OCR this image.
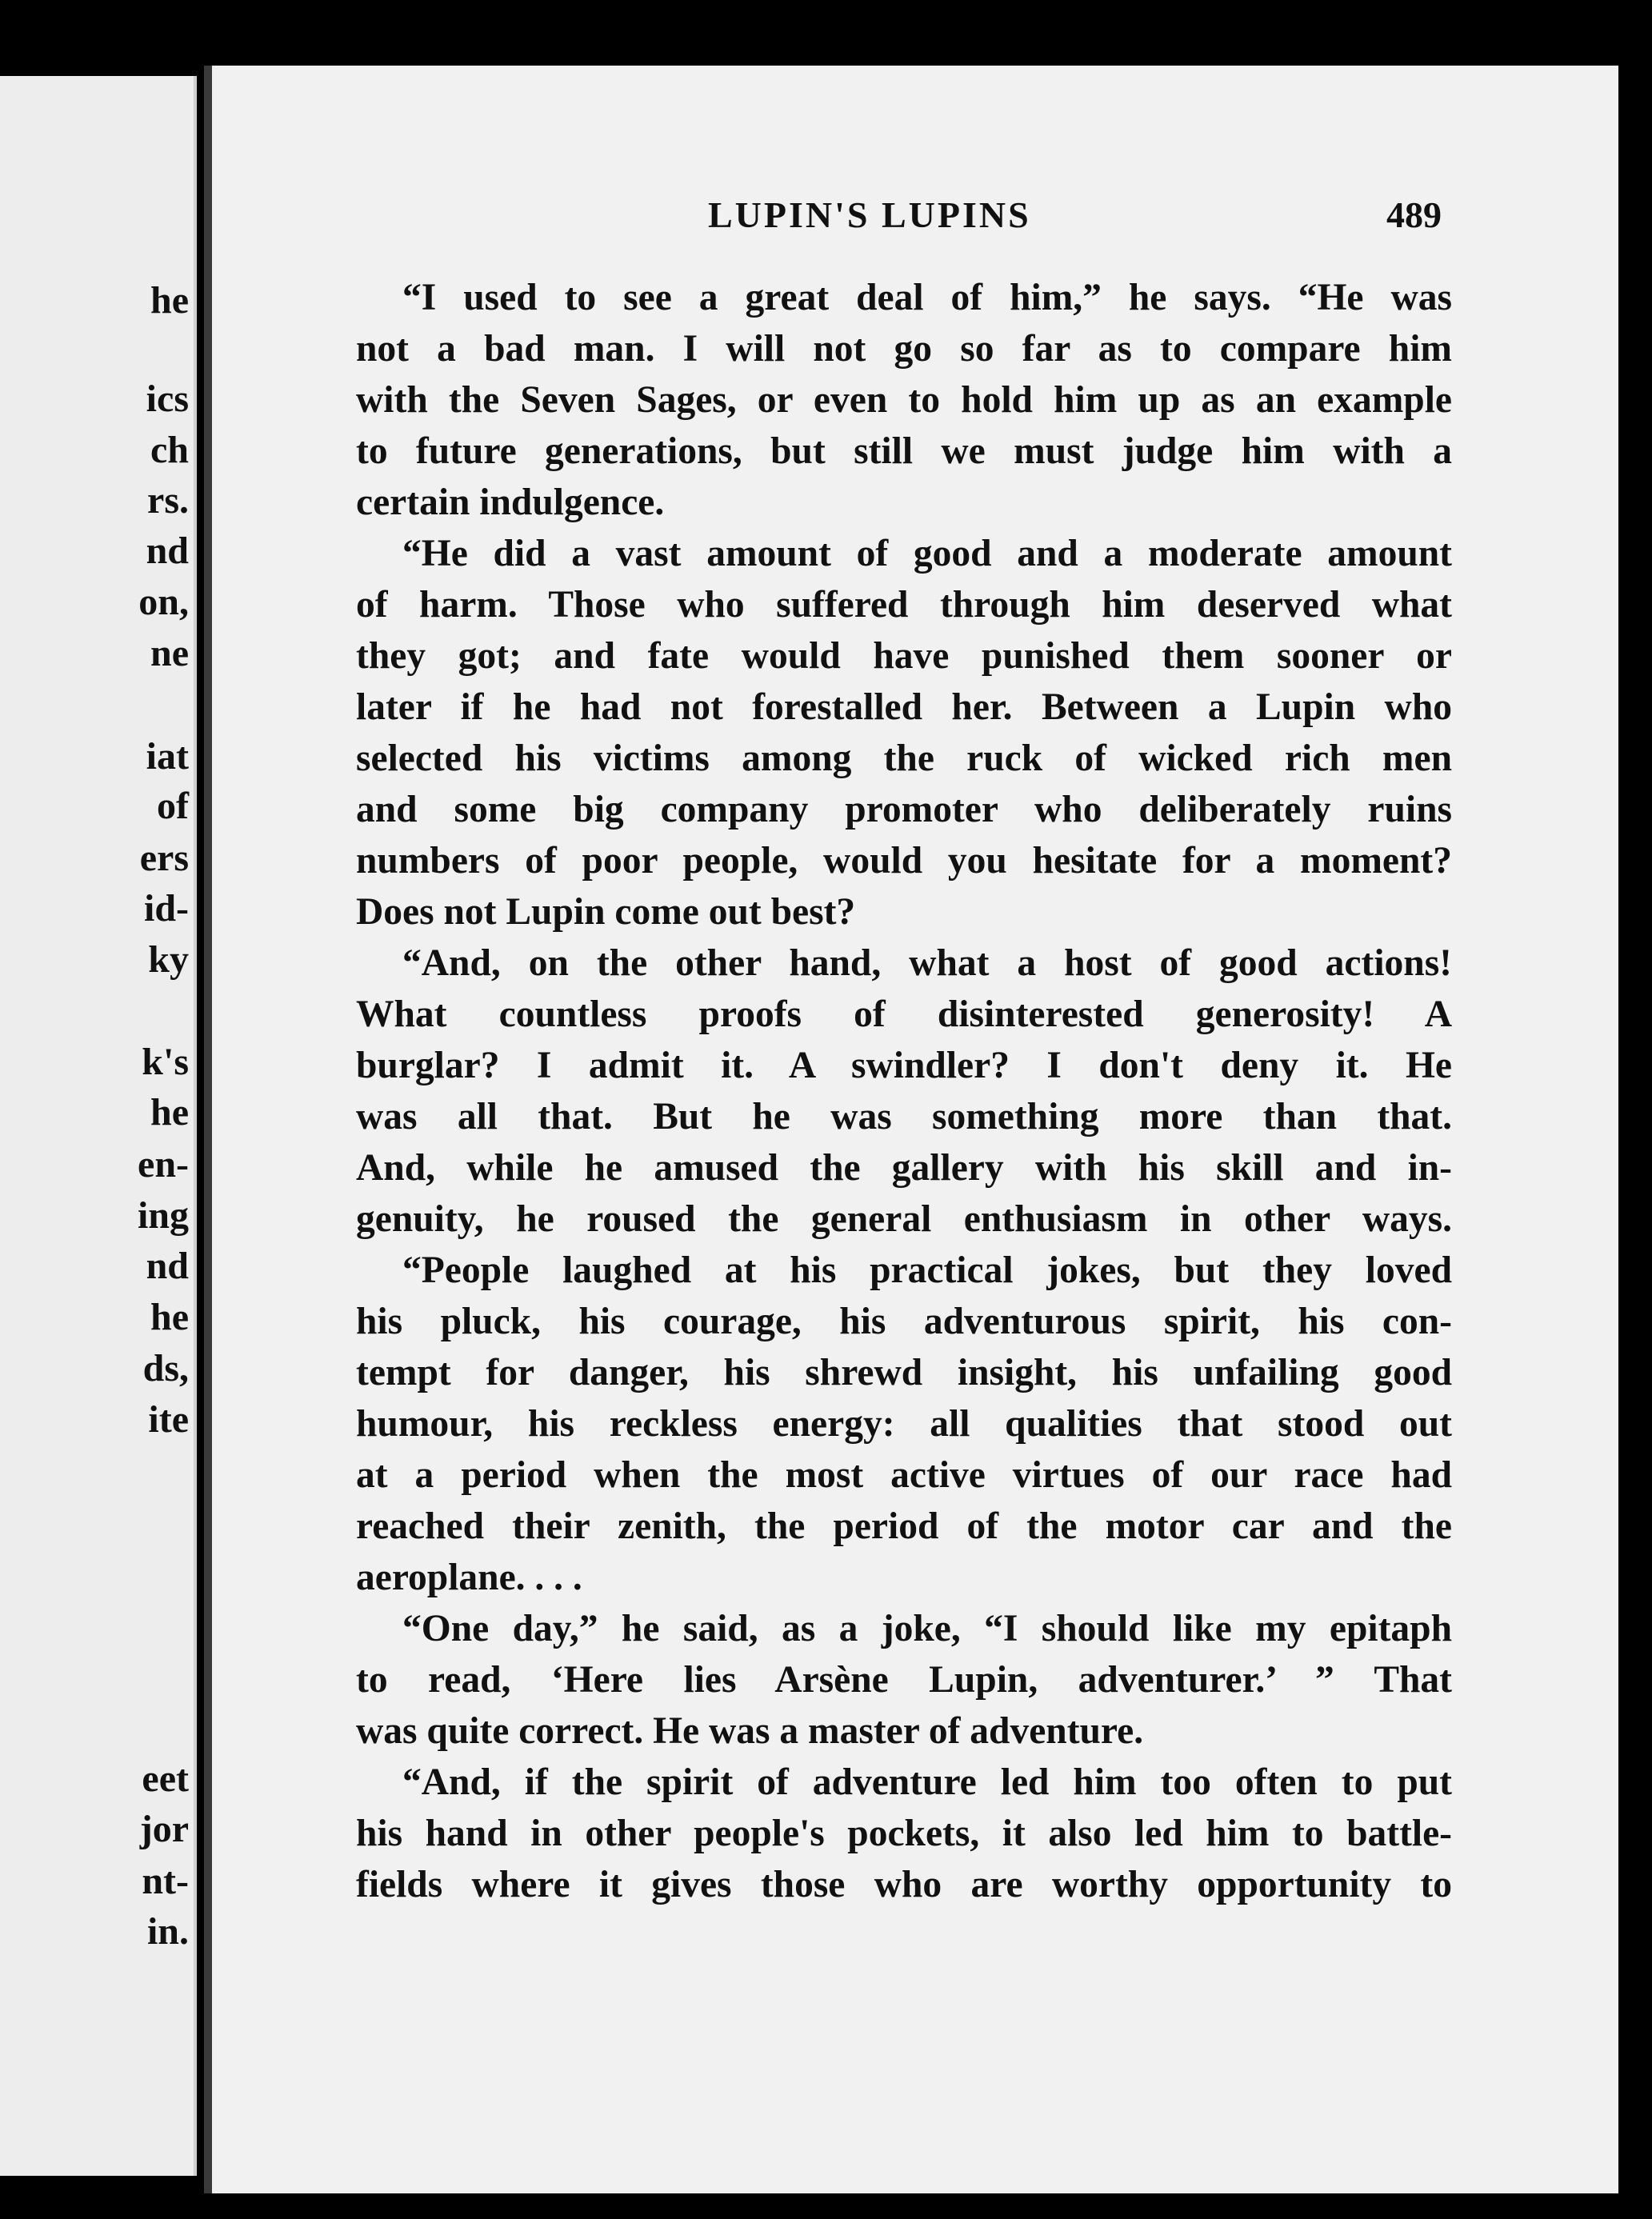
he
ics
ch
rs.
nd
on,
ne
iat
of
ers
id-
ky
k's
he
en-
ing
nd
he
ds,
ite
eet
jor
nt-
in.
LUPIN'S LUPINS	489
“I used to see a great deal of him,” he says. “He was
not a bad man. I will not go so far as to compare him
with the Seven Sages, or even to hold him up as an example
to future generations, but still we must judge him with a
certain indulgence.
“He did a vast amount of good and a moderate amount
of harm. Those who suffered through him deserved what
they got; and fate would have punished them sooner or
later if he had not forestalled her. Between a Lupin who
selected his victims among the ruck of wicked rich men
and some big company promoter who deliberately ruins
numbers of poor people, would you hesitate for a moment?
Does not Lupin come out best?
“And, on the other hand, what a host of good actions!
What countless proofs of disinterested generosity! A
burglar? I admit it. A swindler? I don't deny it. He
was all that. But he was something more than that.
And, while he amused the gallery with his skill and in-
genuity, he roused the general enthusiasm in other ways.
“People laughed at his practical jokes, but they loved
his pluck, his courage, his adventurous spirit, his con-
tempt for danger, his shrewd insight, his unfailing good
humour, his reckless energy: all qualities that stood out
at a period when the most active virtues of our race had
reached their zenith, the period of the motor car and the
aeroplane. . . .
“One day,” he said, as a joke, “I should like my epitaph
to read, ‘Here lies Arsène Lupin, adventurer.’ ” That
was quite correct. He was a master of adventure.
“And, if the spirit of adventure led him too often to put
his hand in other people's pockets, it also led him to battle-
fields where it gives those who are worthy opportunity to
